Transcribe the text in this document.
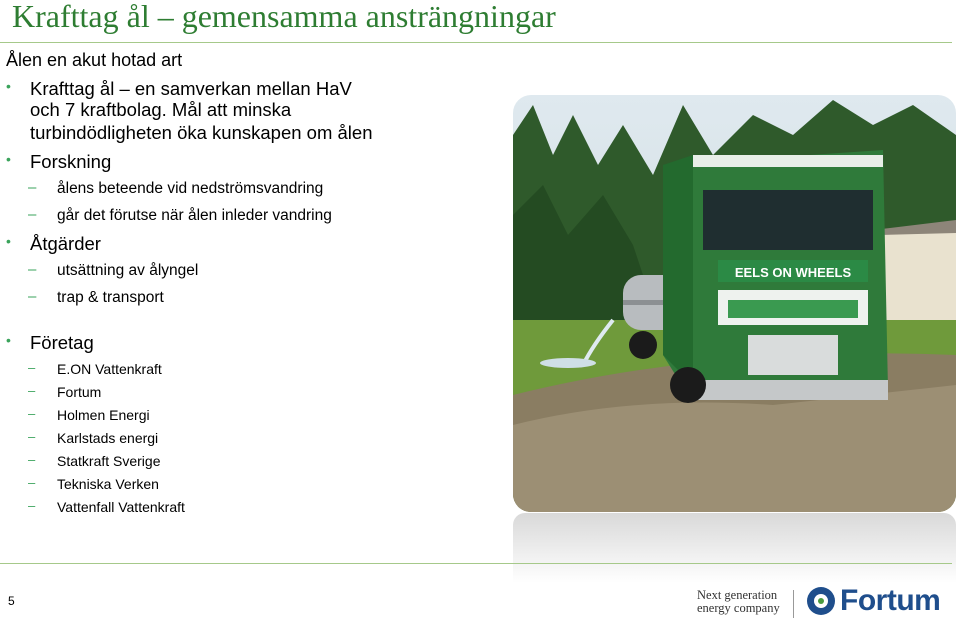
Krafttag ål – gemensamma ansträngningar
Ålen en akut hotad art
• Krafttag ål – en samverkan mellan HaV
och 7 kraftbolag. Mål att minska
turbindödligheten öka kunskapen om ålen
• Forskning
– ålens beteende vid nedströmsvandring
– går det förutse när ålen inleder vandring
• Åtgärder
– utsättning av ålyngel
– trap & transport
• Företag
– E.ON Vattenkraft
– Fortum
– Holmen Energi
– Karlstads energi
– Statkraft Sverige
– Tekniska Verken
– Vattenfall Vattenkraft
EELS ON WHEELS
5	Next generation
energy company Fortum
